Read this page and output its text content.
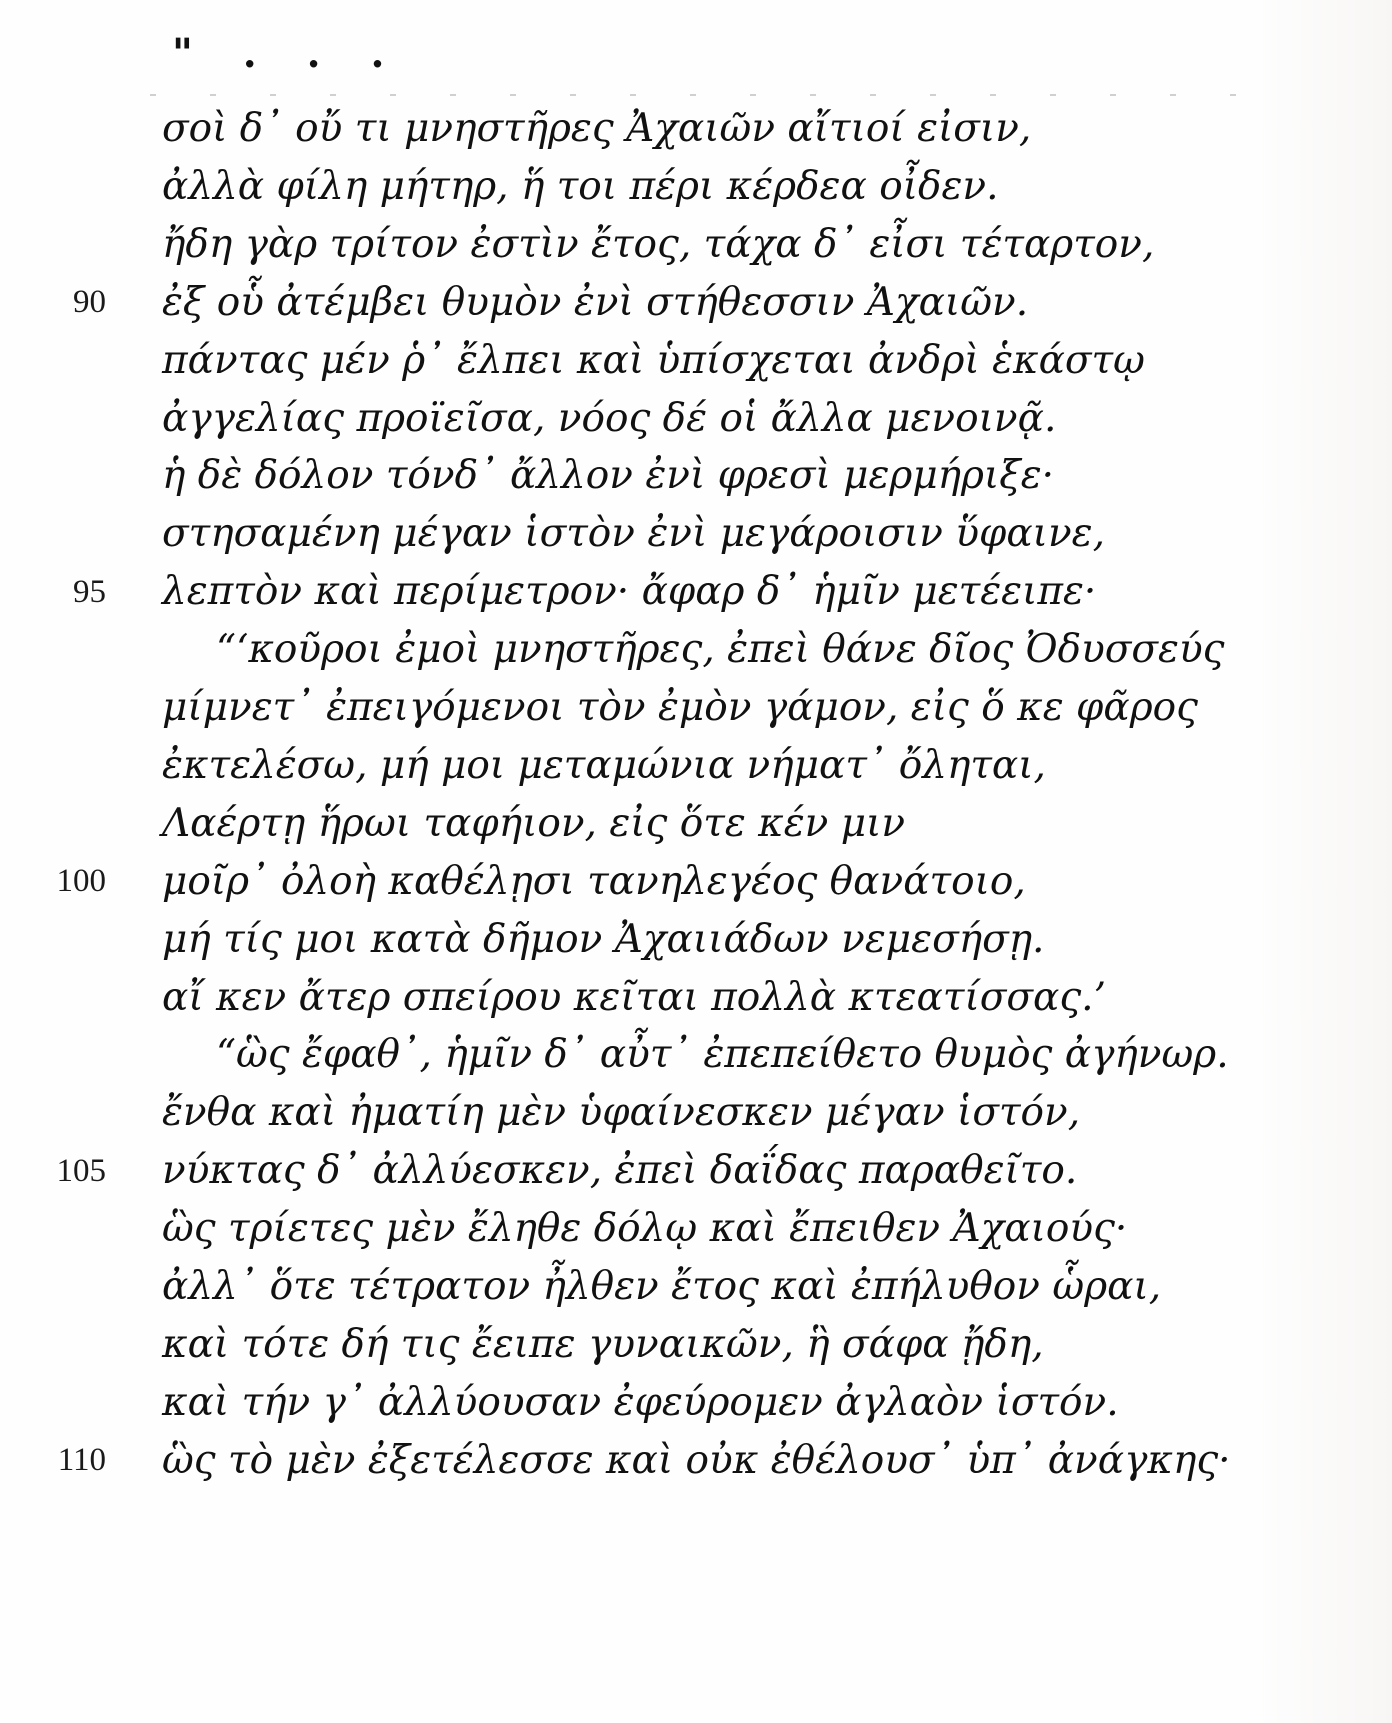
" . . .
σοὶ δ᾽ οὔ τι μνηστῆρες Ἀχαιῶν αἴτιοί εἰσιν,
ἀλλὰ φίλη μήτηρ, ἥ τοι πέρι κέρδεα οἶδεν.
ἤδη γὰρ τρίτον ἐστὶν ἔτος, τάχα δ᾽ εἶσι τέταρτον,
90 ἐξ οὗ ἀτέμβει θυμὸν ἐνὶ στήθεσσιν Ἀχαιῶν.
πάντας μέν ῥ᾽ ἔλπει καὶ ὑπίσχεται ἀνδρὶ ἑκάστῳ
ἀγγελίας προϊεῖσα, νόος δέ οἱ ἄλλα μενοινᾷ.
ἡ δὲ δόλον τόνδ᾽ ἄλλον ἐνὶ φρεσὶ μερμήριξε·
στησαμένη μέγαν ἱστὸν ἐνὶ μεγάροισιν ὕφαινε,
95 λεπτὸν καὶ περίμετρον· ἄφαρ δ᾽ ἡμῖν μετέειπε·
“‘κοῦροι ἐμοὶ μνηστῆρες, ἐπεὶ θάνε δῖος Ὀδυσσεύς
μίμνετ᾽ ἐπειγόμενοι τὸν ἐμὸν γάμον, εἰς ὅ κε φᾶρος
ἐκτελέσω, μή μοι μεταμώνια νήματ᾽ ὄληται,
Λαέρτῃ ἥρωι ταφήιον, εἰς ὅτε κέν μιν
100 μοῖρ᾽ ὀλοὴ καθέλῃσι τανηλεγέος θανάτοιο,
μή τίς μοι κατὰ δῆμον Ἀχαιιάδων νεμεσήσῃ.
αἴ κεν ἄτερ σπείρου κεῖται πολλὰ κτεατίσσας.’
“ὣς ἔφαθ᾽, ἡμῖν δ᾽ αὖτ᾽ ἐπεπείθετο θυμὸς ἀγήνωρ.
ἔνθα καὶ ἠματίη μὲν ὑφαίνεσκεν μέγαν ἱστόν,
105 νύκτας δ᾽ ἀλλύεσκεν, ἐπεὶ δαΐδας παραθεῖτο.
ὣς τρίετες μὲν ἔληθε δόλῳ καὶ ἔπειθεν Ἀχαιούς·
ἀλλ᾽ ὅτε τέτρατον ἦλθεν ἔτος καὶ ἐπήλυθον ὧραι,
καὶ τότε δή τις ἔειπε γυναικῶν, ἣ σάφα ᾔδη,
καὶ τήν γ᾽ ἀλλύουσαν ἐφεύρομεν ἀγλαὸν ἱστόν.
110 ὣς τὸ μὲν ἐξετέλεσσε καὶ οὐκ ἐθέλουσ᾽ ὑπ᾽ ἀνάγκης·
